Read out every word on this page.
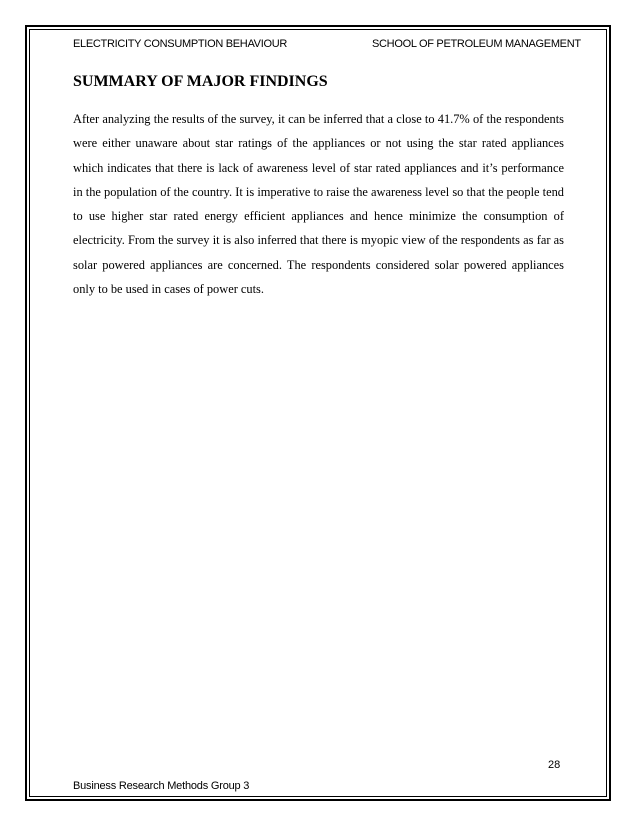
ELECTRICITY CONSUMPTION BEHAVIOUR	SCHOOL OF PETROLEUM MANAGEMENT
SUMMARY OF MAJOR FINDINGS
After analyzing the results of the survey, it can be inferred that a close to 41.7% of the respondents were either unaware about star ratings of the appliances or not using the star rated appliances which indicates that there is lack of awareness level of star rated appliances and it’s performance in the population of the country. It is imperative to raise the awareness level so that the people tend to use higher star rated energy efficient appliances and hence minimize the consumption of electricity. From the survey it is also inferred that there is myopic view of the respondents as far as solar powered appliances are concerned. The respondents considered solar powered appliances only to be used in cases of power cuts.
28
Business Research Methods Group 3
